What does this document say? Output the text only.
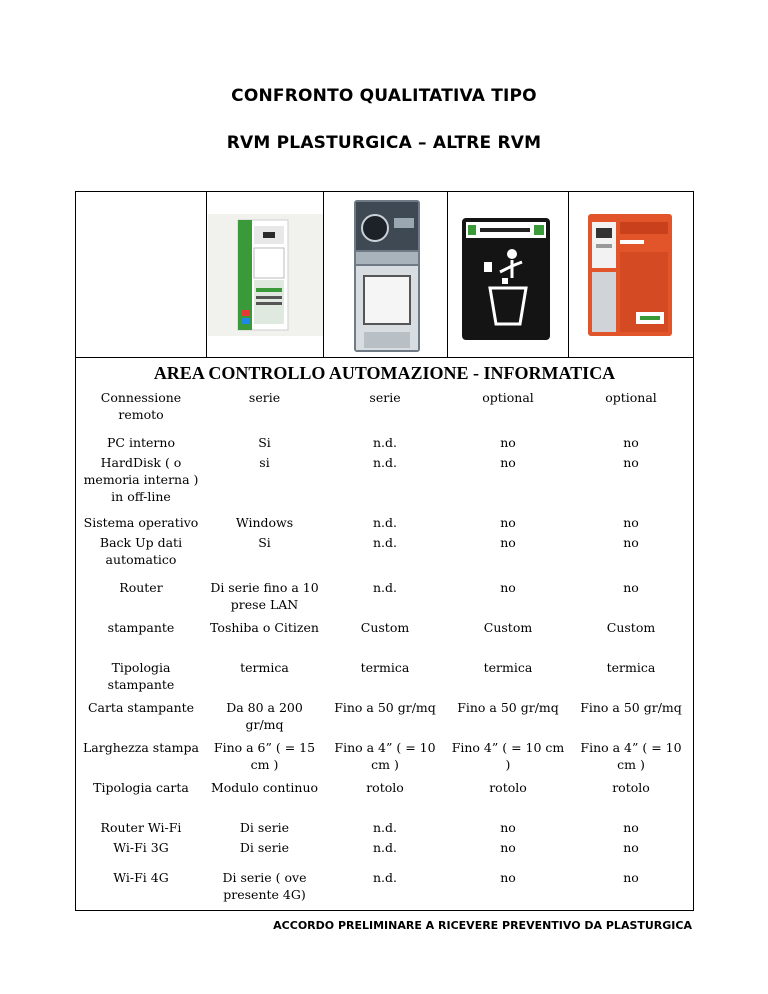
CONFRONTO QUALITATIVA TIPO
RVM PLASTURGICA – ALTRE RVM
AREA CONTROLLO AUTOMAZIONE - INFORMATICA
Connessione remoto	serie	serie	optional	optional
PC interno	Si	n.d.	no	no
HardDisk ( o memoria interna ) in off-line	si	n.d.	no	no
Sistema operativo	Windows	n.d.	no	no
Back Up dati automatico	Si	n.d.	no	no
Router	Di serie fino a 10 prese LAN	n.d.	no	no
stampante	Toshiba o Citizen	Custom	Custom	Custom
Tipologia stampante	termica	termica	termica	termica
Carta stampante	Da 80 a 200 gr/mq	Fino a 50 gr/mq	Fino a 50 gr/mq	Fino a 50 gr/mq
Larghezza stampa	Fino a 6” ( = 15 cm )	Fino a 4” ( = 10 cm )	Fino 4” ( = 10 cm )	Fino a 4” ( = 10 cm )
Tipologia carta	Modulo continuo	rotolo	rotolo	rotolo
Router Wi-Fi	Di serie	n.d.	no	no
Wi-Fi 3G	Di serie	n.d.	no	no
Wi-Fi 4G	Di serie ( ove presente 4G)	n.d.	no	no
ACCORDO PRELIMINARE A RICEVERE PREVENTIVO DA PLASTURGICA
